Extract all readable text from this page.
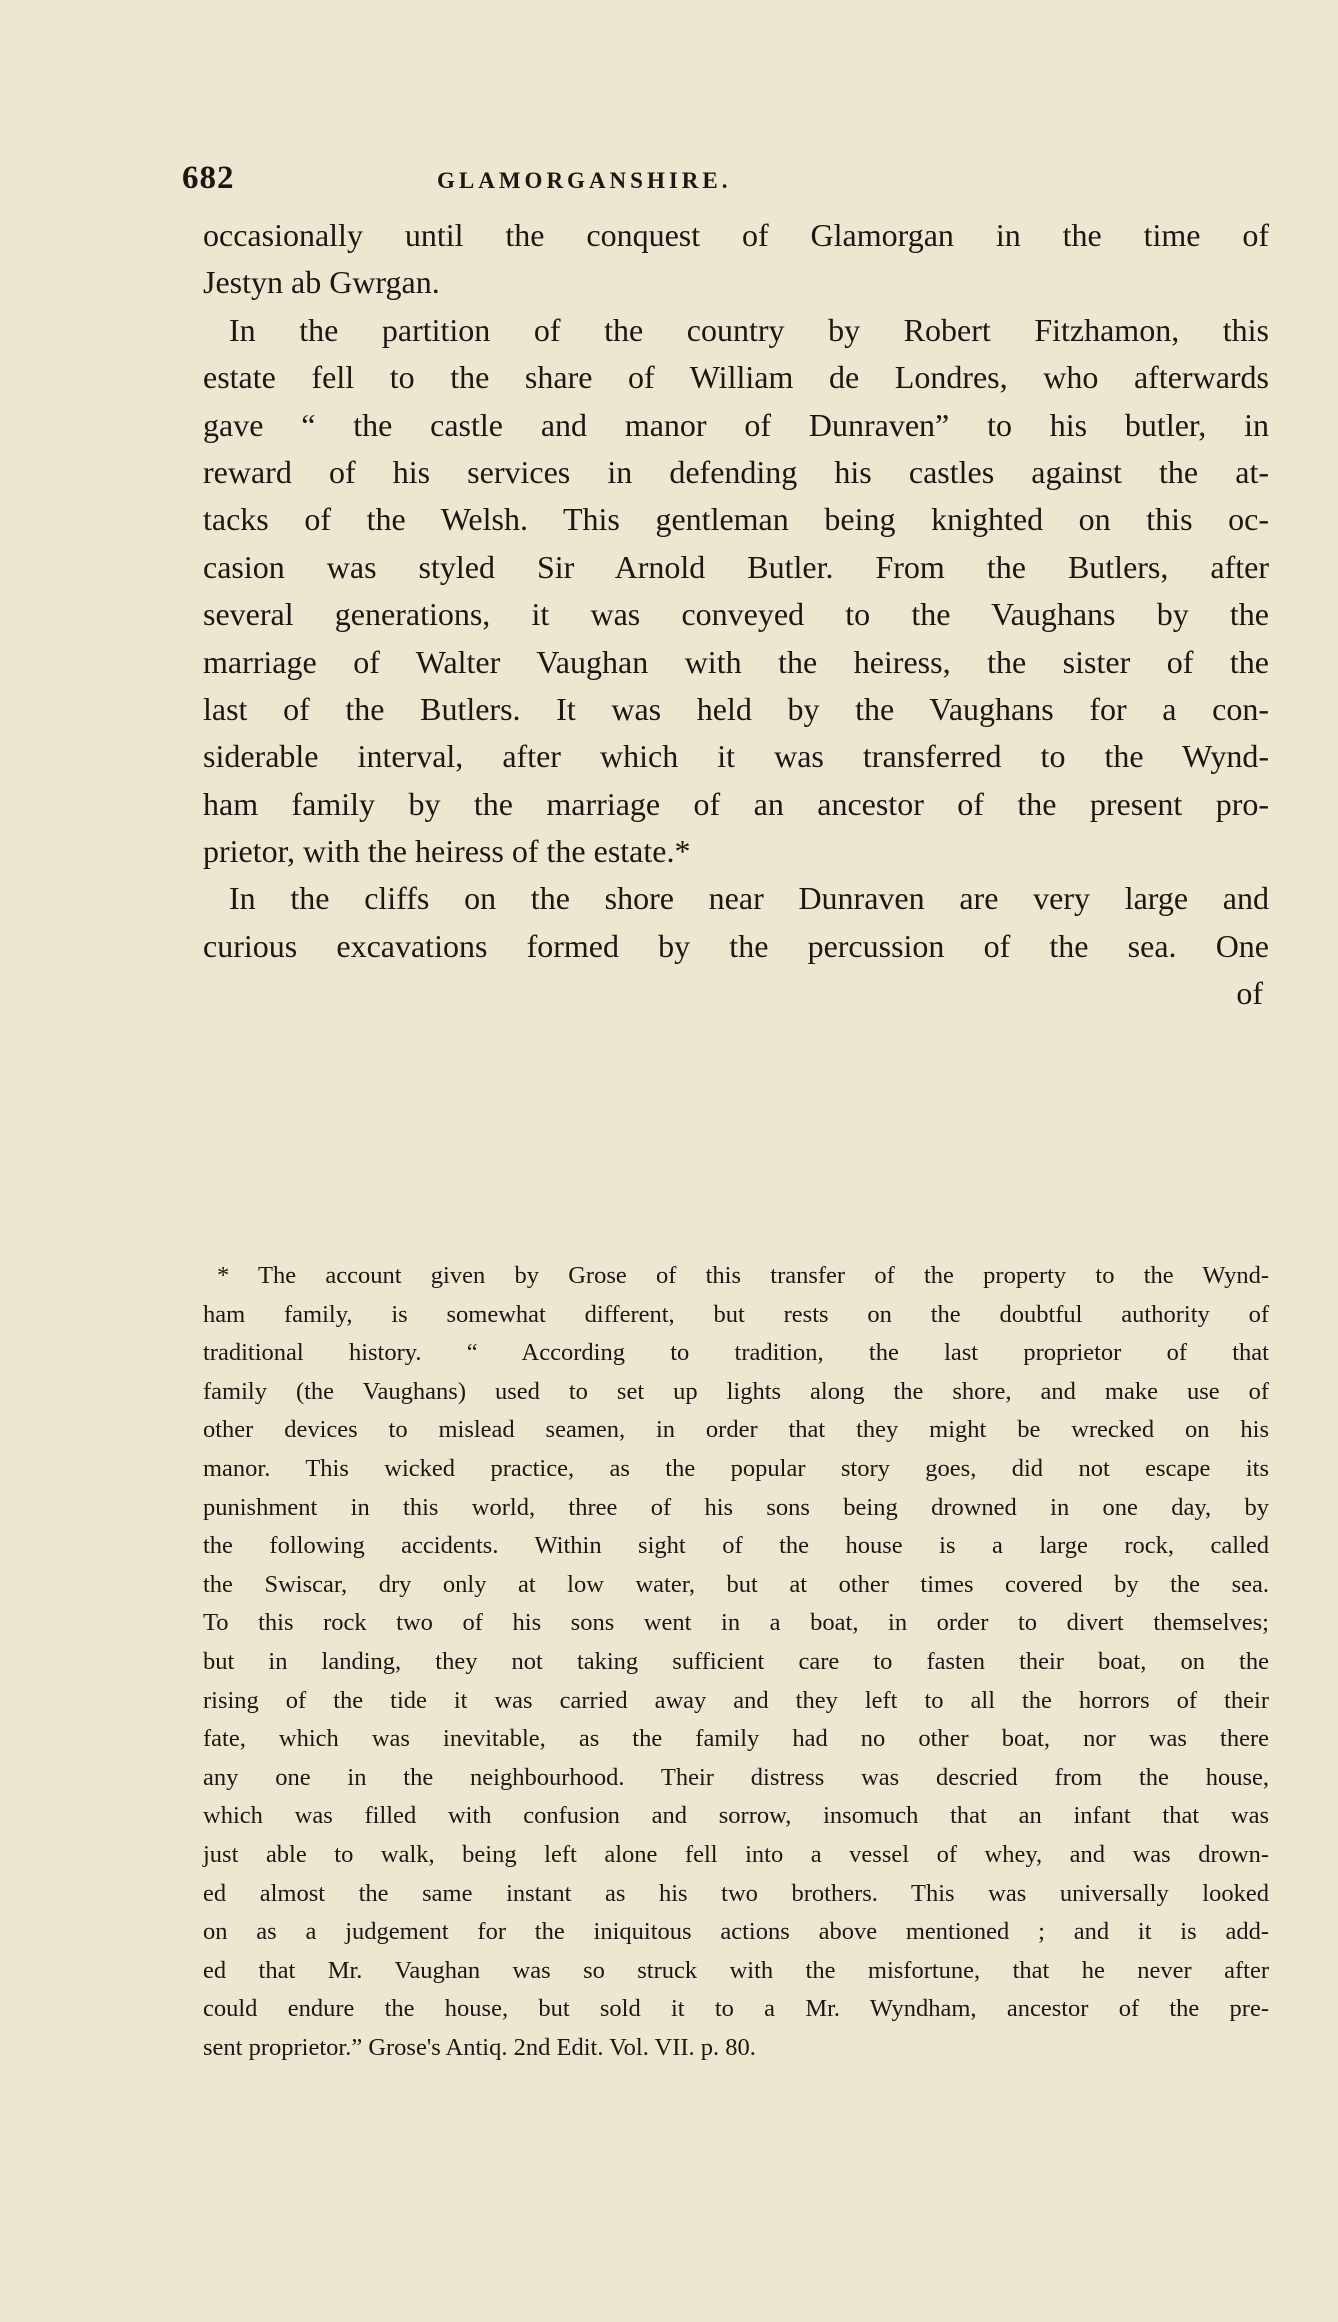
682	GLAMORGANSHIRE.
occasionally until the conquest of Glamorgan in the time of
Jestyn ab Gwrgan.
In the partition of the country by Robert Fitzhamon, this
estate fell to the share of William de Londres, who afterwards
gave “ the castle and manor of Dunraven” to his butler, in
reward of his services in defending his castles against the at-
tacks of the Welsh. This gentleman being knighted on this oc-
casion was styled Sir Arnold Butler. From the Butlers, after
several generations, it was conveyed to the Vaughans by the
marriage of Walter Vaughan with the heiress, the sister of the
last of the Butlers. It was held by the Vaughans for a con-
siderable interval, after which it was transferred to the Wynd-
ham family by the marriage of an ancestor of the present pro-
prietor, with the heiress of the estate.*
In the cliffs on the shore near Dunraven are very large and
curious excavations formed by the percussion of the sea. One
of
* The account given by Grose of this transfer of the property to the Wynd-
ham family, is somewhat different, but rests on the doubtful authority of
traditional history. “ According to tradition, the last proprietor of that
family (the Vaughans) used to set up lights along the shore, and make use of
other devices to mislead seamen, in order that they might be wrecked on his
manor. This wicked practice, as the popular story goes, did not escape its
punishment in this world, three of his sons being drowned in one day, by
the following accidents. Within sight of the house is a large rock, called
the Swiscar, dry only at low water, but at other times covered by the sea.
To this rock two of his sons went in a boat, in order to divert themselves;
but in landing, they not taking sufficient care to fasten their boat, on the
rising of the tide it was carried away and they left to all the horrors of their
fate, which was inevitable, as the family had no other boat, nor was there
any one in the neighbourhood. Their distress was descried from the house,
which was filled with confusion and sorrow, insomuch that an infant that was
just able to walk, being left alone fell into a vessel of whey, and was drown-
ed almost the same instant as his two brothers. This was universally looked
on as a judgement for the iniquitous actions above mentioned ; and it is add-
ed that Mr. Vaughan was so struck with the misfortune, that he never after
could endure the house, but sold it to a Mr. Wyndham, ancestor of the pre-
sent proprietor.” Grose's Antiq. 2nd Edit. Vol. VII. p. 80.
